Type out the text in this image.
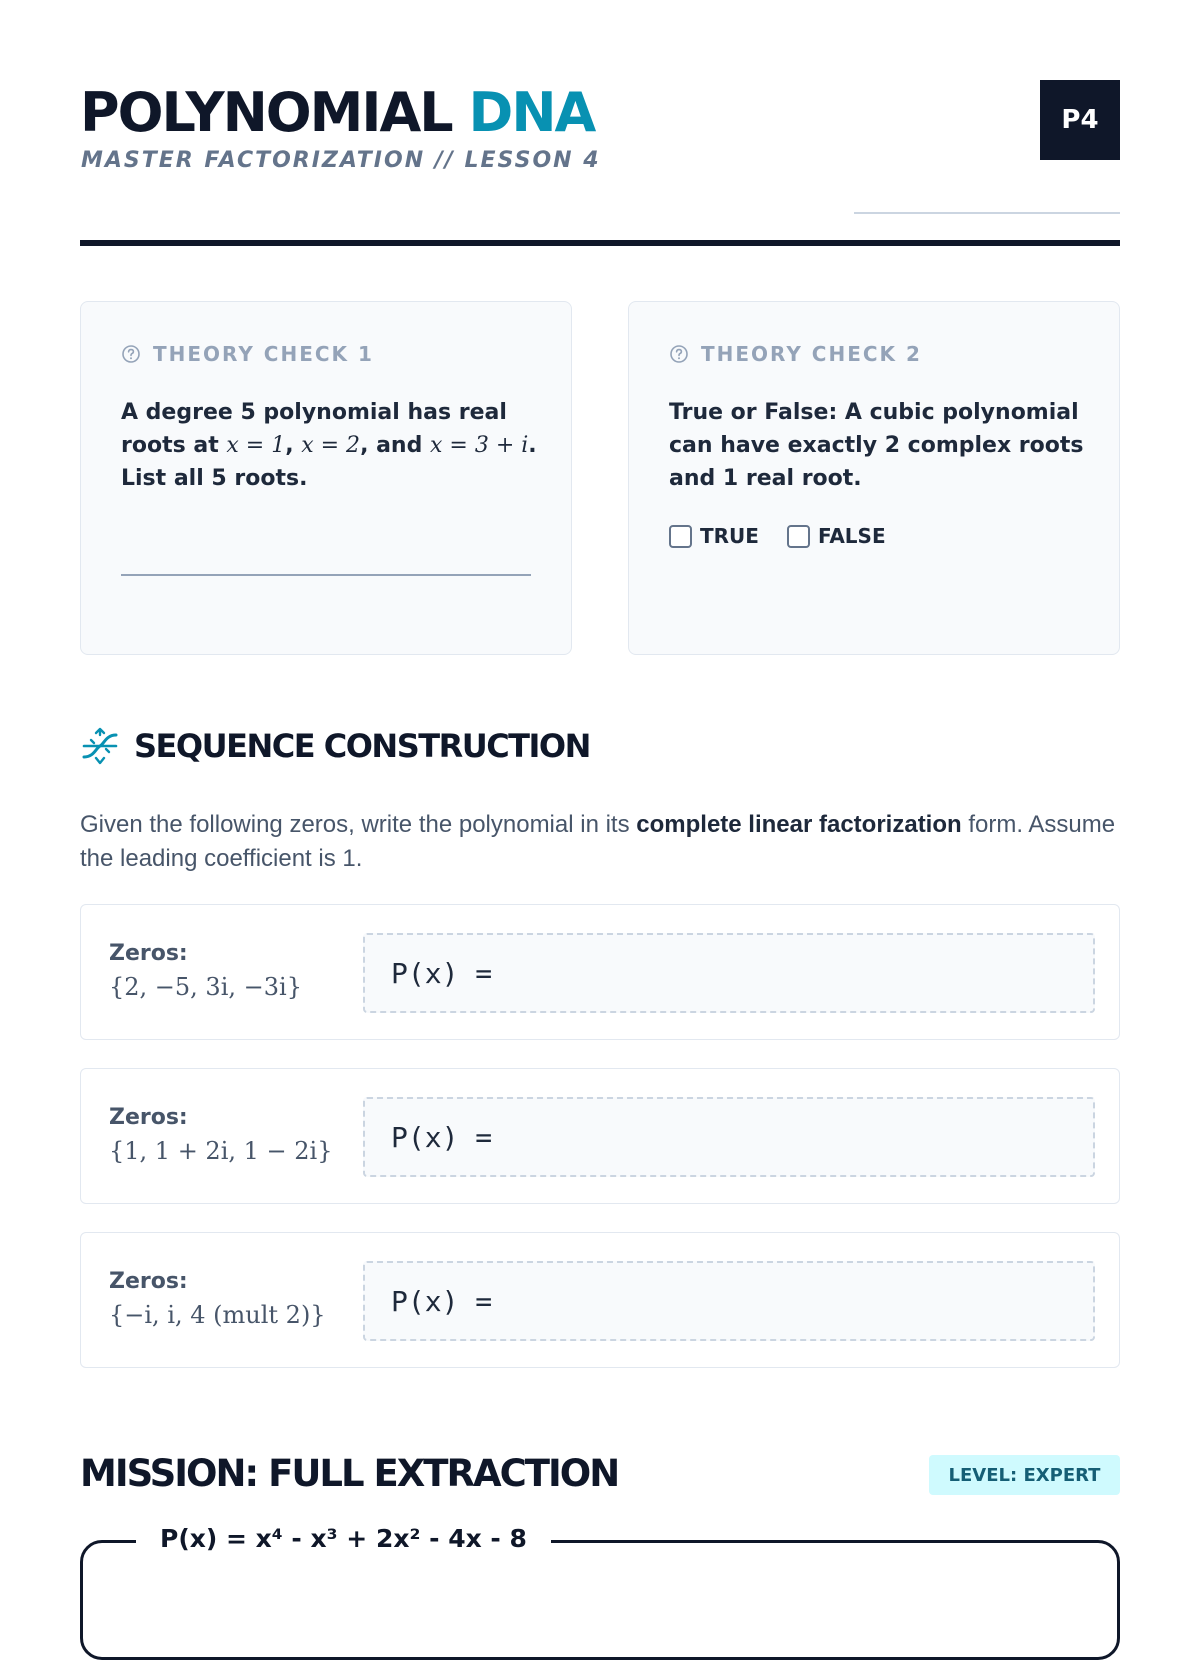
POLYNOMIAL DNA
MASTER FACTORIZATION // LESSON 4
P4
THEORY CHECK 1
A degree 5 polynomial has real roots at x = 1, x = 2, and x = 3 + i. List all 5 roots.
THEORY CHECK 2
True or False: A cubic polynomial can have exactly 2 complex roots and 1 real root.
TRUE	FALSE
SEQUENCE CONSTRUCTION
Given the following zeros, write the polynomial in its complete linear factorization form. Assume the leading coefficient is 1.
Zeros:
{2, −5, 3i, −3i}	P(x) =
Zeros:
{1, 1 + 2i, 1 − 2i} P(x) =
Zeros:
{−i, i, 4 (mult 2)} P(x) =
MISSION: FULL EXTRACTION	LEVEL: EXPERT
P(x) = x⁴ - x³ + 2x² - 4x - 8
